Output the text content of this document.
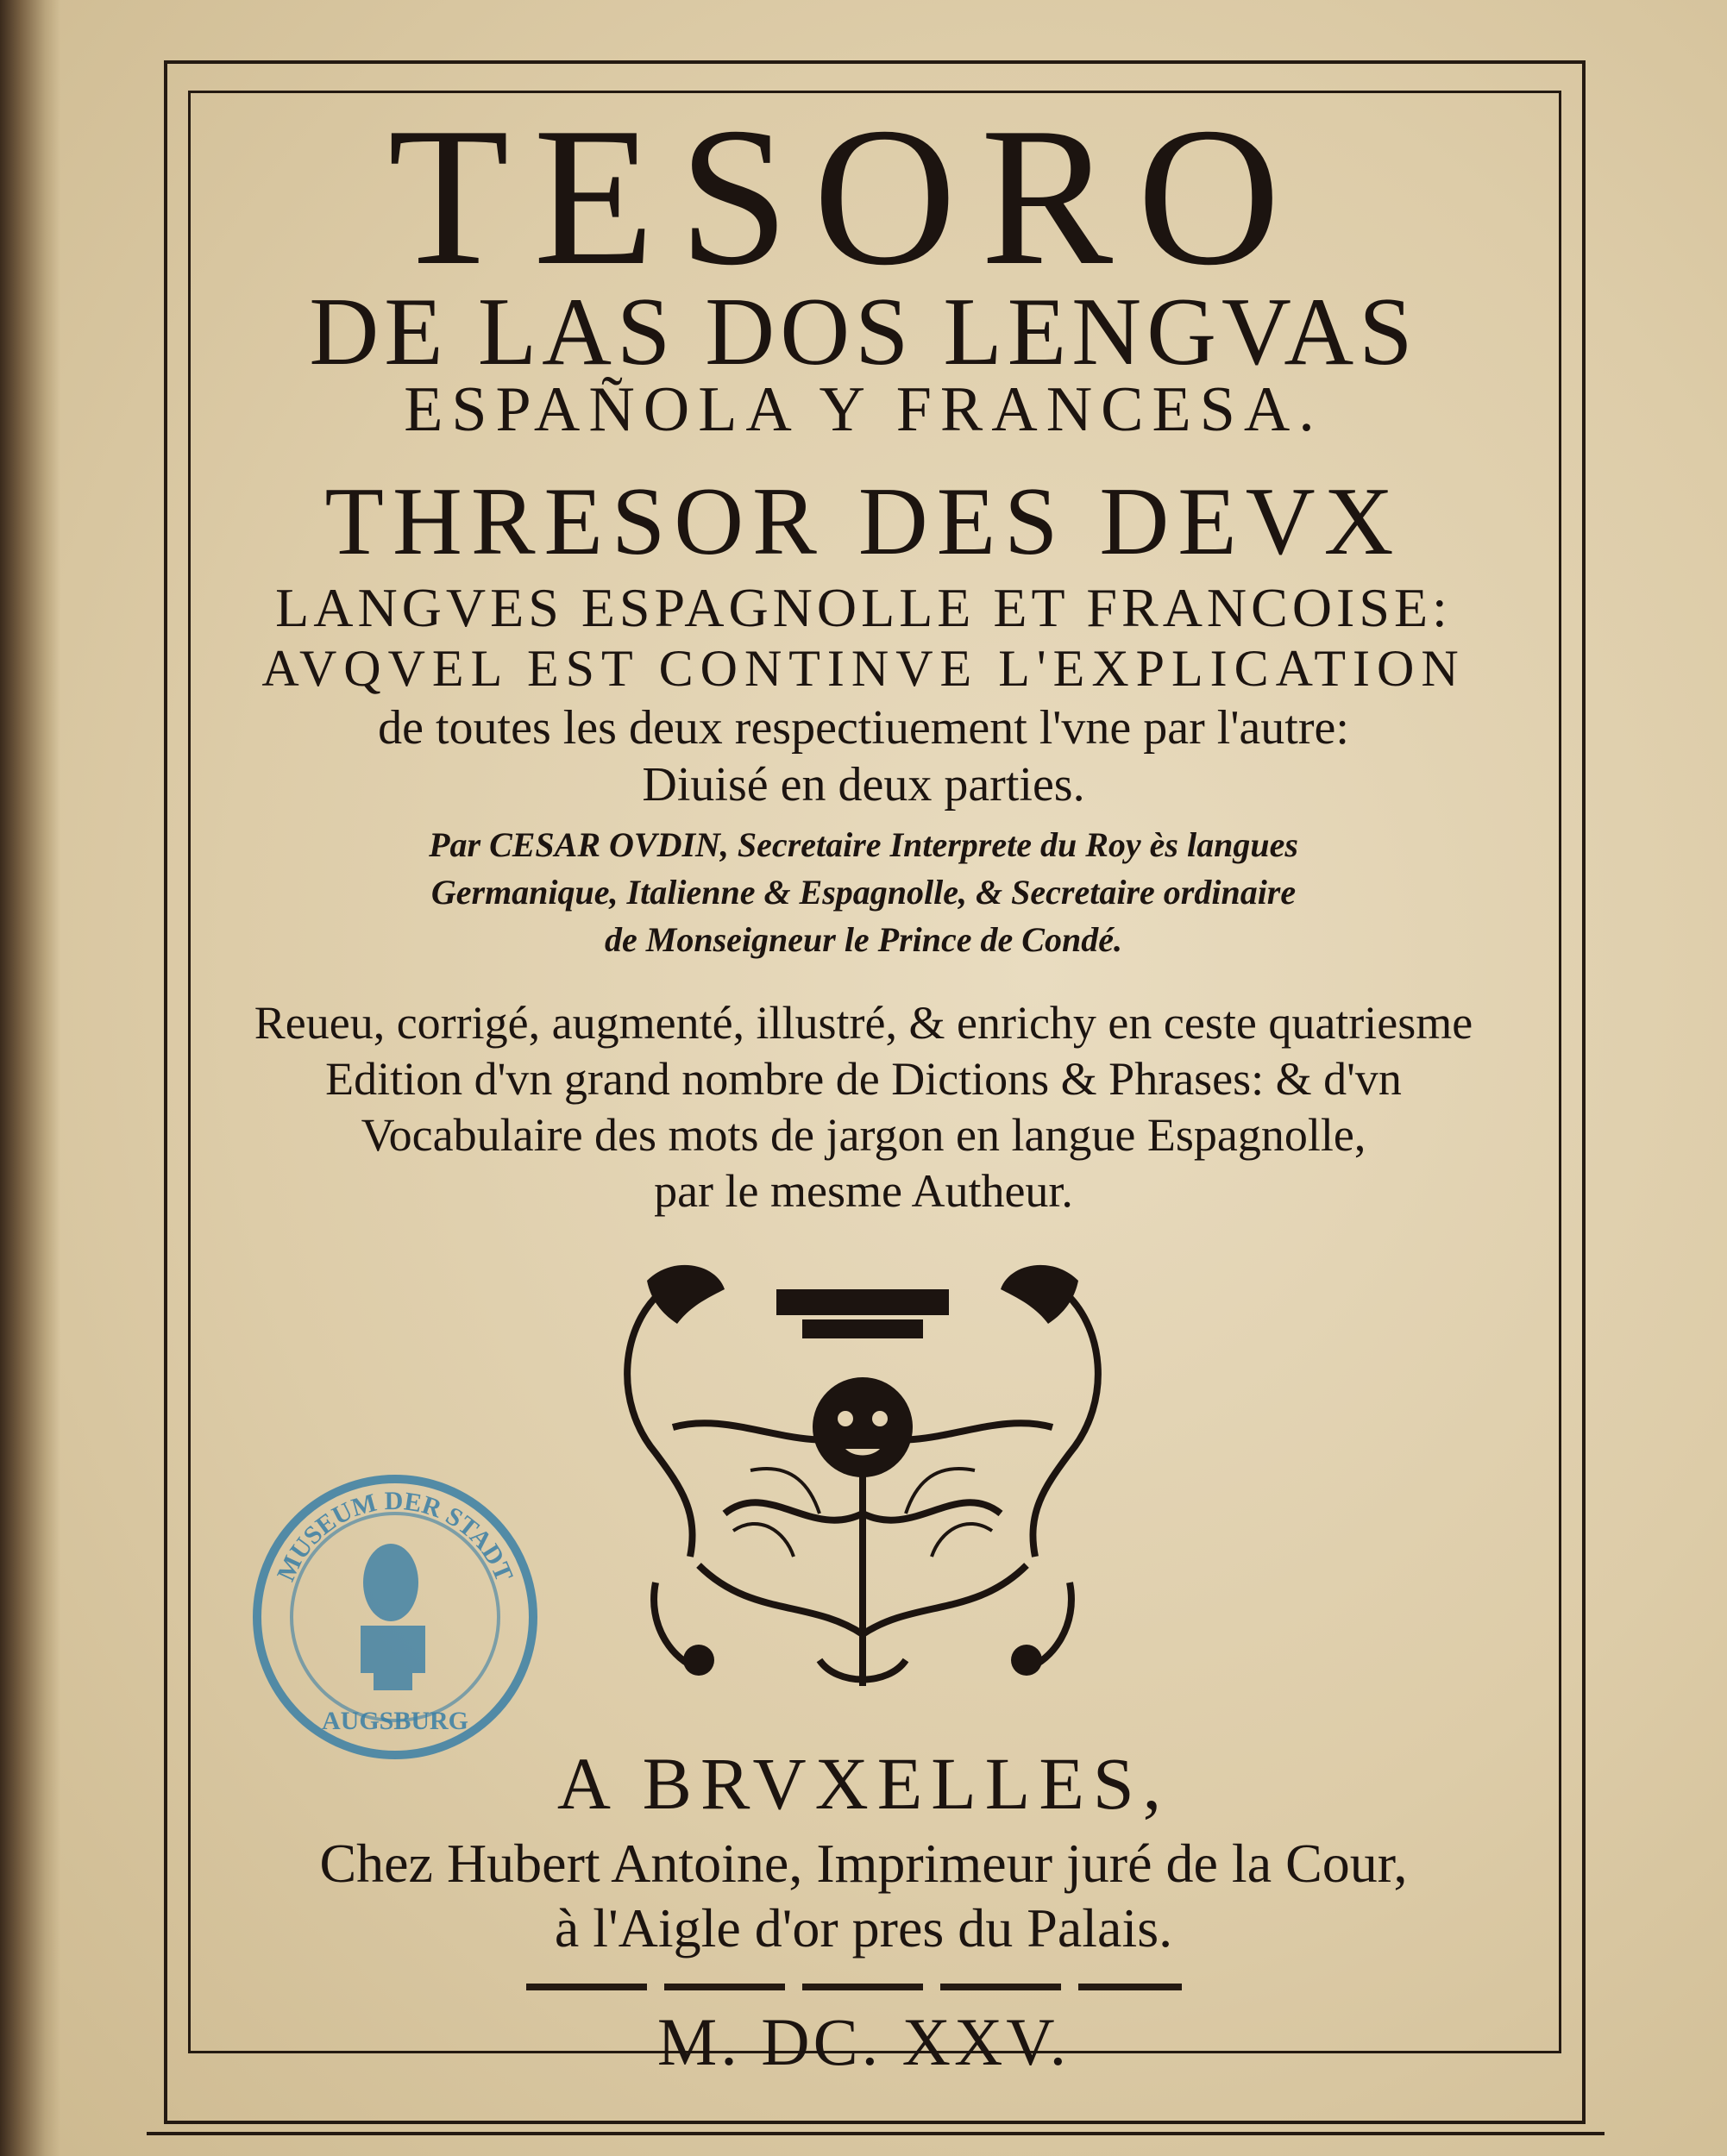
TESORO
DE LAS DOS LENGVAS
ESPAÑOLA Y FRANCESA.
THRESOR DES DEVX
LANGVES ESPAGNOLLE ET FRANCOISE:
AVQVEL EST CONTINVE L'EXPLICATION
de toutes les deux respectiuement l'vne par l'autre:
Diuisé en deux parties.
Par CESAR OVDIN, Secretaire Interprete du Roy ès langues
Germanique, Italienne & Espagnolle, & Secretaire ordinaire
de Monseigneur le Prince de Condé.
Reueu, corrigé, augmenté, illustré, & enrichy en ceste quatriesme
Edition d'vn grand nombre de Dictions & Phrases: & d'vn
Vocabulaire des mots de jargon en langue Espagnolle,
par le mesme Autheur.
MUSEUM DER STADT
AUGSBURG
A BRVXELLES,
Chez Hubert Antoine, Imprimeur juré de la Cour,
à l'Aigle d'or pres du Palais.
M. DC. XXV.
